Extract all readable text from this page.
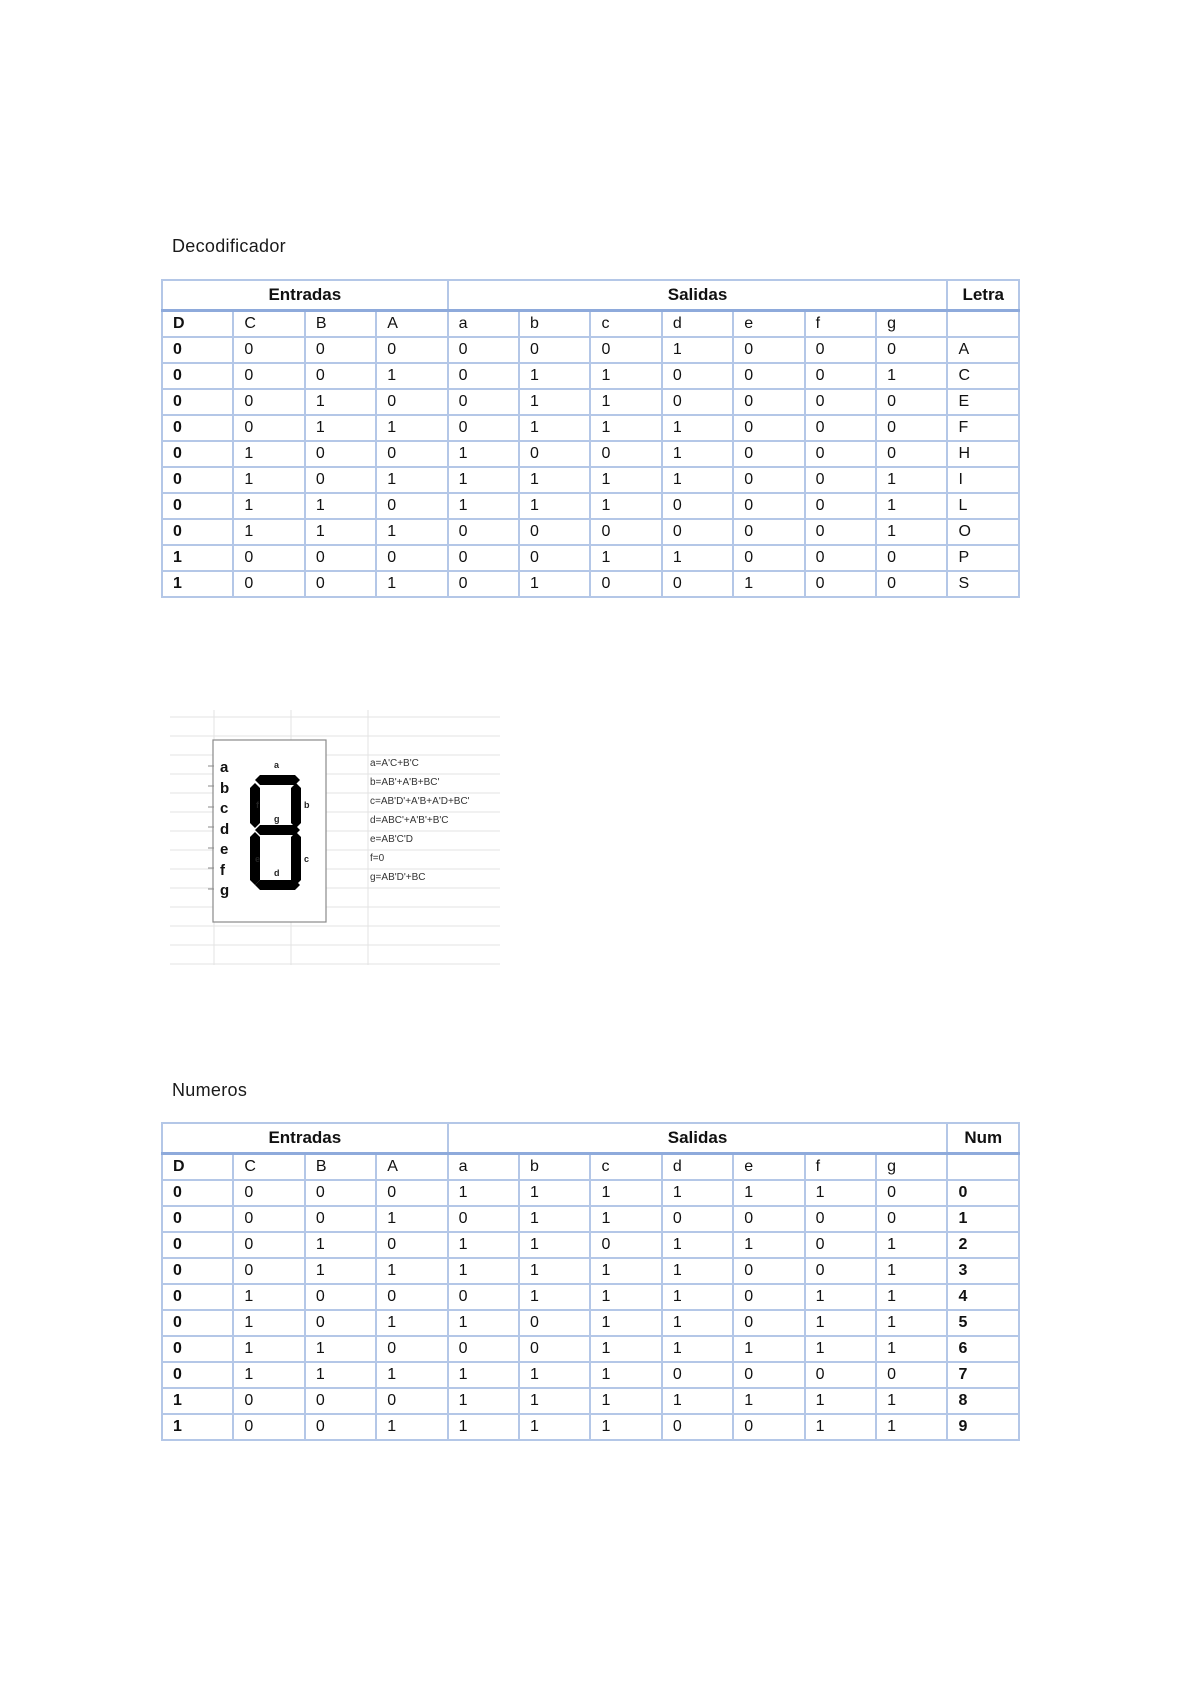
Decodificador
Entradas				Salidas							Letra
D	C	B	A	a	b	c	d	e	f	g	
0	0	0	0	0	0	0	1	0	0	0	A
0	0	0	1	0	1	1	0	0	0	1	C
0	0	1	0	0	1	1	0	0	0	0	E
0	0	1	1	0	1	1	1	0	0	0	F
0	1	0	0	1	0	0	1	0	0	0	H
0	1	0	1	1	1	1	1	0	0	1	I
0	1	1	0	1	1	1	0	0	0	1	L
0	1	1	1	0	0	0	0	0	0	1	O
1	0	0	0	0	0	1	1	0	0	0	P
1	0	0	1	0	1	0	0	1	0	0	S
a
b
c
d
e
f
g
a
b
c
d
e
f
g
a=A'C+B'C
b=AB'+A'B+BC'
c=AB'D'+A'B+A'D+BC'
d=ABC'+A'B'+B'C
e=AB'C'D
f=0
g=AB'D'+BC
Numeros
Entradas				Salidas							Num
D	C	B	A	a	b	c	d	e	f	g	
0	0	0	0	1	1	1	1	1	1	0	0
0	0	0	1	0	1	1	0	0	0	0	1
0	0	1	0	1	1	0	1	1	0	1	2
0	0	1	1	1	1	1	1	0	0	1	3
0	1	0	0	0	1	1	1	0	1	1	4
0	1	0	1	1	0	1	1	0	1	1	5
0	1	1	0	0	0	1	1	1	1	1	6
0	1	1	1	1	1	1	0	0	0	0	7
1	0	0	0	1	1	1	1	1	1	1	8
1	0	0	1	1	1	1	0	0	1	1	9
